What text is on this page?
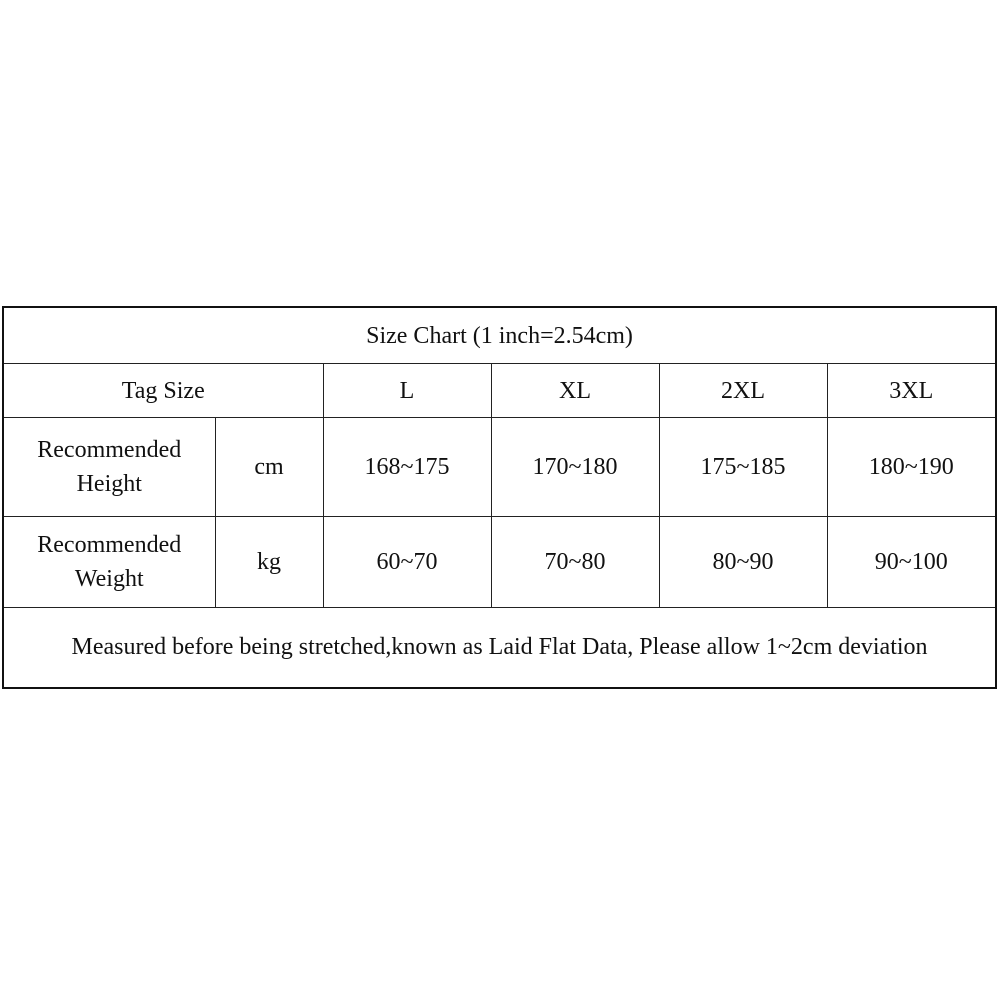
Size Chart (1 inch=2.54cm)					
Tag Size		L	XL	2XL	3XL

Recommended
Height	cm	168~175	170~180	175~185	180~190

Recommended
Weight	kg	60~70	70~80	80~90	90~100
Measured before being stretched,known as Laid Flat Data, Please allow 1~2cm deviation					
